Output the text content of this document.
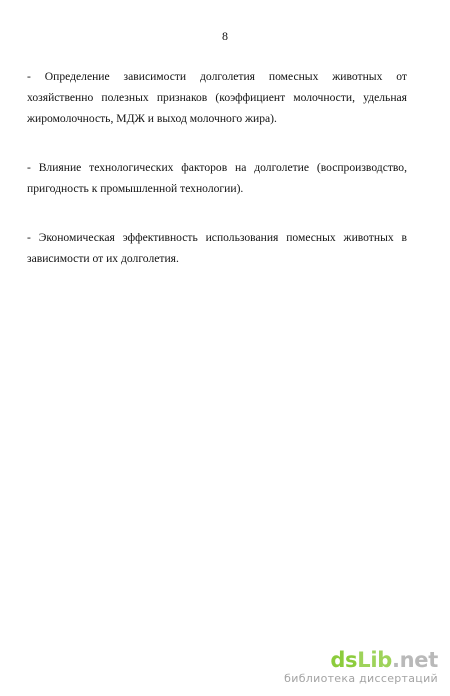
8

- Определение зависимости долголетия помесных животных от
хозяйственно полезных признаков (коэффициент молочности, удельная
жиромолочность, МДЖ и выход молочного жира).

- Влияние технологических факторов на долголетие (воспроизводство,
пригодность к промышленной технологии).

- Экономическая эффективность использования помесных животных в
зависимости от их долголетия.

dsLib.net
библиотека диссертаций
